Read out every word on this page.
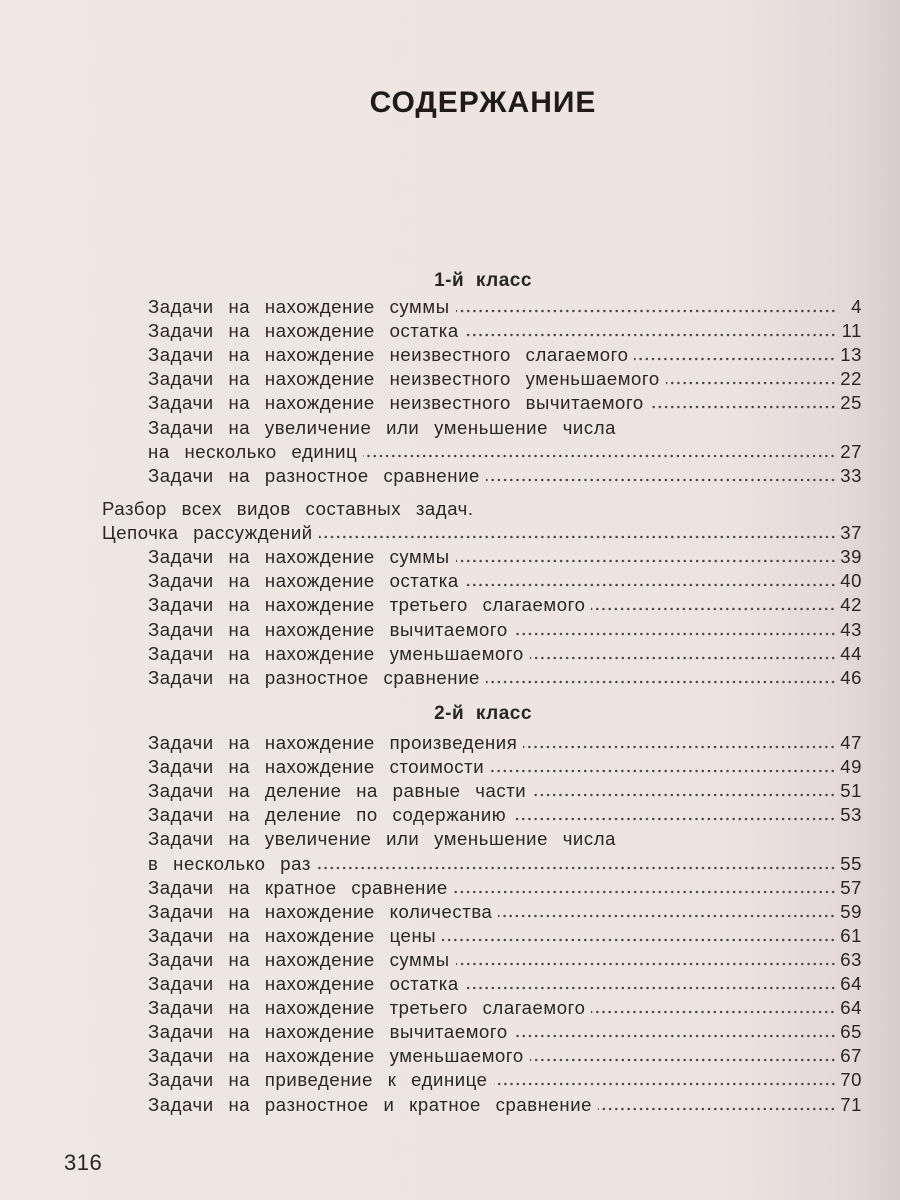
СОДЕРЖАНИЕ
1-й класс
Задачи на нахождение суммы	4
Задачи на нахождение остатка	11
Задачи на нахождение неизвестного слагаемого	13
Задачи на нахождение неизвестного уменьшаемого	22
Задачи на нахождение неизвестного вычитаемого	25
Задачи на увеличение или уменьшение числа
на несколько единиц	27
Задачи на разностное сравнение	33
Разбор всех видов составных задач.
Цепочка рассуждений	37
Задачи на нахождение суммы	39
Задачи на нахождение остатка	40
Задачи на нахождение третьего слагаемого	42
Задачи на нахождение вычитаемого	43
Задачи на нахождение уменьшаемого	44
Задачи на разностное сравнение	46
2-й класс
Задачи на нахождение произведения	47
Задачи на нахождение стоимости	49
Задачи на деление на равные части	51
Задачи на деление по содержанию	53
Задачи на увеличение или уменьшение числа
в несколько раз	55
Задачи на кратное сравнение	57
Задачи на нахождение количества	59
Задачи на нахождение цены	61
Задачи на нахождение суммы	63
Задачи на нахождение остатка	64
Задачи на нахождение третьего слагаемого	64
Задачи на нахождение вычитаемого	65
Задачи на нахождение уменьшаемого	67
Задачи на приведение к единице	70
Задачи на разностное и кратное сравнение	71
316
